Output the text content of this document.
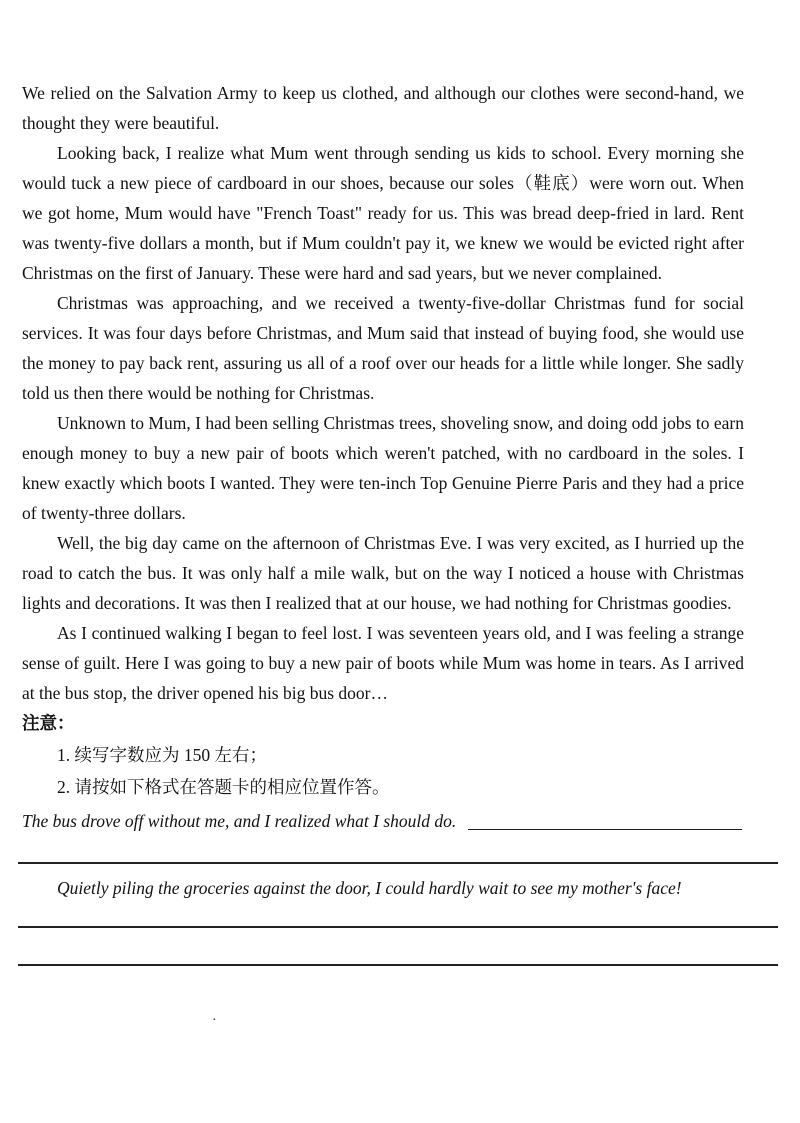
We relied on the Salvation Army to keep us clothed, and although our clothes were second-hand, we thought they were beautiful.

Looking back, I realize what Mum went through sending us kids to school. Every morning she would tuck a new piece of cardboard in our shoes, because our soles（鞋底）were worn out. When we got home, Mum would have "French Toast" ready for us. This was bread deep-fried in lard. Rent was twenty-five dollars a month, but if Mum couldn't pay it, we knew we would be evicted right after Christmas on the first of January. These were hard and sad years, but we never complained.

Christmas was approaching, and we received a twenty-five-dollar Christmas fund for social services. It was four days before Christmas, and Mum said that instead of buying food, she would use the money to pay back rent, assuring us all of a roof over our heads for a little while longer. She sadly told us then there would be nothing for Christmas.

Unknown to Mum, I had been selling Christmas trees, shoveling snow, and doing odd jobs to earn enough money to buy a new pair of boots which weren't patched, with no cardboard in the soles. I knew exactly which boots I wanted. They were ten-inch Top Genuine Pierre Paris and they had a price of twenty-three dollars.

Well, the big day came on the afternoon of Christmas Eve. I was very excited, as I hurried up the road to catch the bus. It was only half a mile walk, but on the way I noticed a house with Christmas lights and decorations. It was then I realized that at our house, we had nothing for Christmas goodies.

As I continued walking I began to feel lost. I was seventeen years old, and I was feeling a strange sense of guilt. Here I was going to buy a new pair of boots while Mum was home in tears. As I arrived at the bus stop, the driver opened his big bus door…

注意：

1. 续写字数应为 150 左右；

2. 请按如下格式在答题卡的相应位置作答。

The bus drove off without me, and I realized what I should do.

Quietly piling the groceries against the door, I could hardly wait to see my mother's face!

·
